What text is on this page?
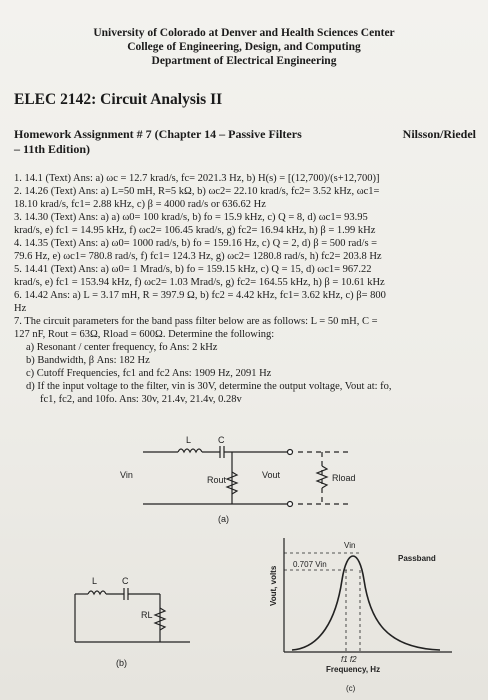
University of Colorado at Denver and Health Sciences Center
College of Engineering, Design, and Computing
Department of Electrical Engineering
ELEC 2142: Circuit Analysis II
Homework Assignment # 7 (Chapter 14 – Passive Filters	Nilsson/Riedel
– 11th Edition)
1. 14.1 (Text) Ans: a) ωc = 12.7 krad/s, fc= 2021.3 Hz, b) H(s) = [(12,700)/(s+12,700)]
2. 14.26 (Text) Ans: a) L=50 mH, R=5 kΩ, b) ωc2= 22.10 krad/s, fc2= 3.52 kHz, ωc1=
18.10 krad/s, fc1= 2.88 kHz, c) β = 4000 rad/s or 636.62 Hz
3. 14.30 (Text) Ans: a) a) ω0= 100 krad/s, b) fo = 15.9 kHz, c) Q = 8, d) ωc1= 93.95
krad/s, e) fc1 = 14.95 kHz, f) ωc2= 106.45 krad/s, g) fc2= 16.94 kHz, h) β = 1.99 kHz
4. 14.35 (Text) Ans: a) ω0= 1000 rad/s, b) fo = 159.16 Hz, c) Q = 2, d) β = 500 rad/s =
79.6 Hz, e) ωc1= 780.8 rad/s, f) fc1= 124.3 Hz, g) ωc2= 1280.8 rad/s, h) fc2= 203.8 Hz
5. 14.41 (Text) Ans: a) ω0= 1 Mrad/s, b) fo = 159.15 kHz, c) Q = 15, d) ωc1= 967.22
krad/s, e) fc1 = 153.94 kHz, f) ωc2= 1.03 Mrad/s, g) fc2= 164.55 kHz, h) β = 10.61 kHz
6. 14.42 Ans: a) L = 3.17 mH, R = 397.9 Ω, b) fc2 = 4.42 kHz, fc1= 3.62 kHz, c) β= 800
Hz
7. The circuit parameters for the band pass filter below are as follows: L = 50 mH, C =
127 nF, Rout = 63Ω, Rload = 600Ω. Determine the following:
a) Resonant / center frequency, fo Ans: 2 kHz
b) Bandwidth, β Ans: 182 Hz
c) Cutoff Frequencies, fc1 and fc2 Ans: 1909 Hz, 2091 Hz
d) If the input voltage to the filter, vin is 30V, determine the output voltage, Vout at: fo,
fc1, fc2, and 10fo. Ans: 30v, 21.4v, 21.4v, 0.28v
L	C
Vin	Rout	Vout	Rload
(a)
L	C
RL
(b)
Vin
0.707 Vin
Passband
Vout, volts
f1 f2
Frequency, Hz
(c)
